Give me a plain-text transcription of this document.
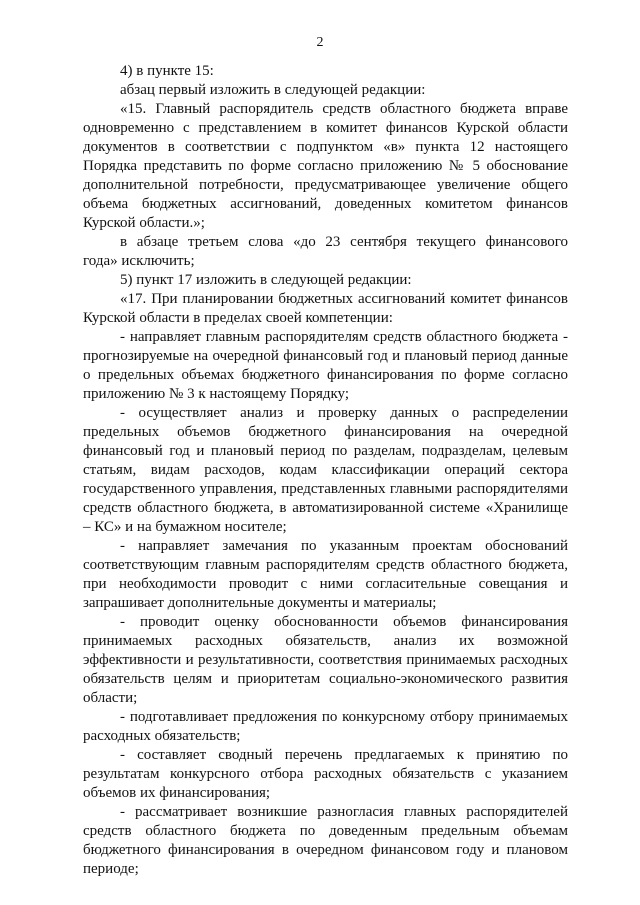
2
4) в пункте 15:
абзац первый изложить в следующей редакции:
«15. Главный распорядитель средств областного бюджета вправе
одновременно с представлением в комитет финансов Курской области
документов в соответствии с подпунктом «в» пункта 12 настоящего
Порядка представить по форме согласно приложению № 5 обоснование
дополнительной потребности, предусматривающее увеличение общего
объема бюджетных ассигнований, доведенных комитетом финансов
Курской области.»;
в абзаце третьем слова «до 23 сентября текущего финансового
года» исключить;
5) пункт 17 изложить в следующей редакции:
«17. При планировании бюджетных ассигнований комитет финансов
Курской области в пределах своей компетенции:
- направляет главным распорядителям средств областного бюджета -
прогнозируемые на очередной финансовый год и плановый период данные
о предельных объемах бюджетного финансирования по форме согласно
приложению № 3 к настоящему Порядку;
- осуществляет анализ и проверку данных о распределении
предельных объемов бюджетного финансирования на очередной
финансовый год и плановый период по разделам, подразделам, целевым
статьям, видам расходов, кодам классификации операций сектора
государственного управления, представленных главными распорядителями
средств областного бюджета, в автоматизированной системе «Хранилище
– КС» и на бумажном носителе;
- направляет замечания по указанным проектам обоснований
соответствующим главным распорядителям средств областного бюджета,
при необходимости проводит с ними согласительные совещания и
запрашивает дополнительные документы и материалы;
- проводит оценку обоснованности объемов финансирования
принимаемых расходных обязательств, анализ их возможной
эффективности и результативности, соответствия принимаемых расходных
обязательств целям и приоритетам социально-экономического развития
области;
- подготавливает предложения по конкурсному отбору принимаемых
расходных обязательств;
- составляет сводный перечень предлагаемых к принятию по
результатам конкурсного отбора расходных обязательств с указанием
объемов их финансирования;
- рассматривает возникшие разногласия главных распорядителей
средств областного бюджета по доведенным предельным объемам
бюджетного финансирования в очередном финансовом году и плановом
периоде;
